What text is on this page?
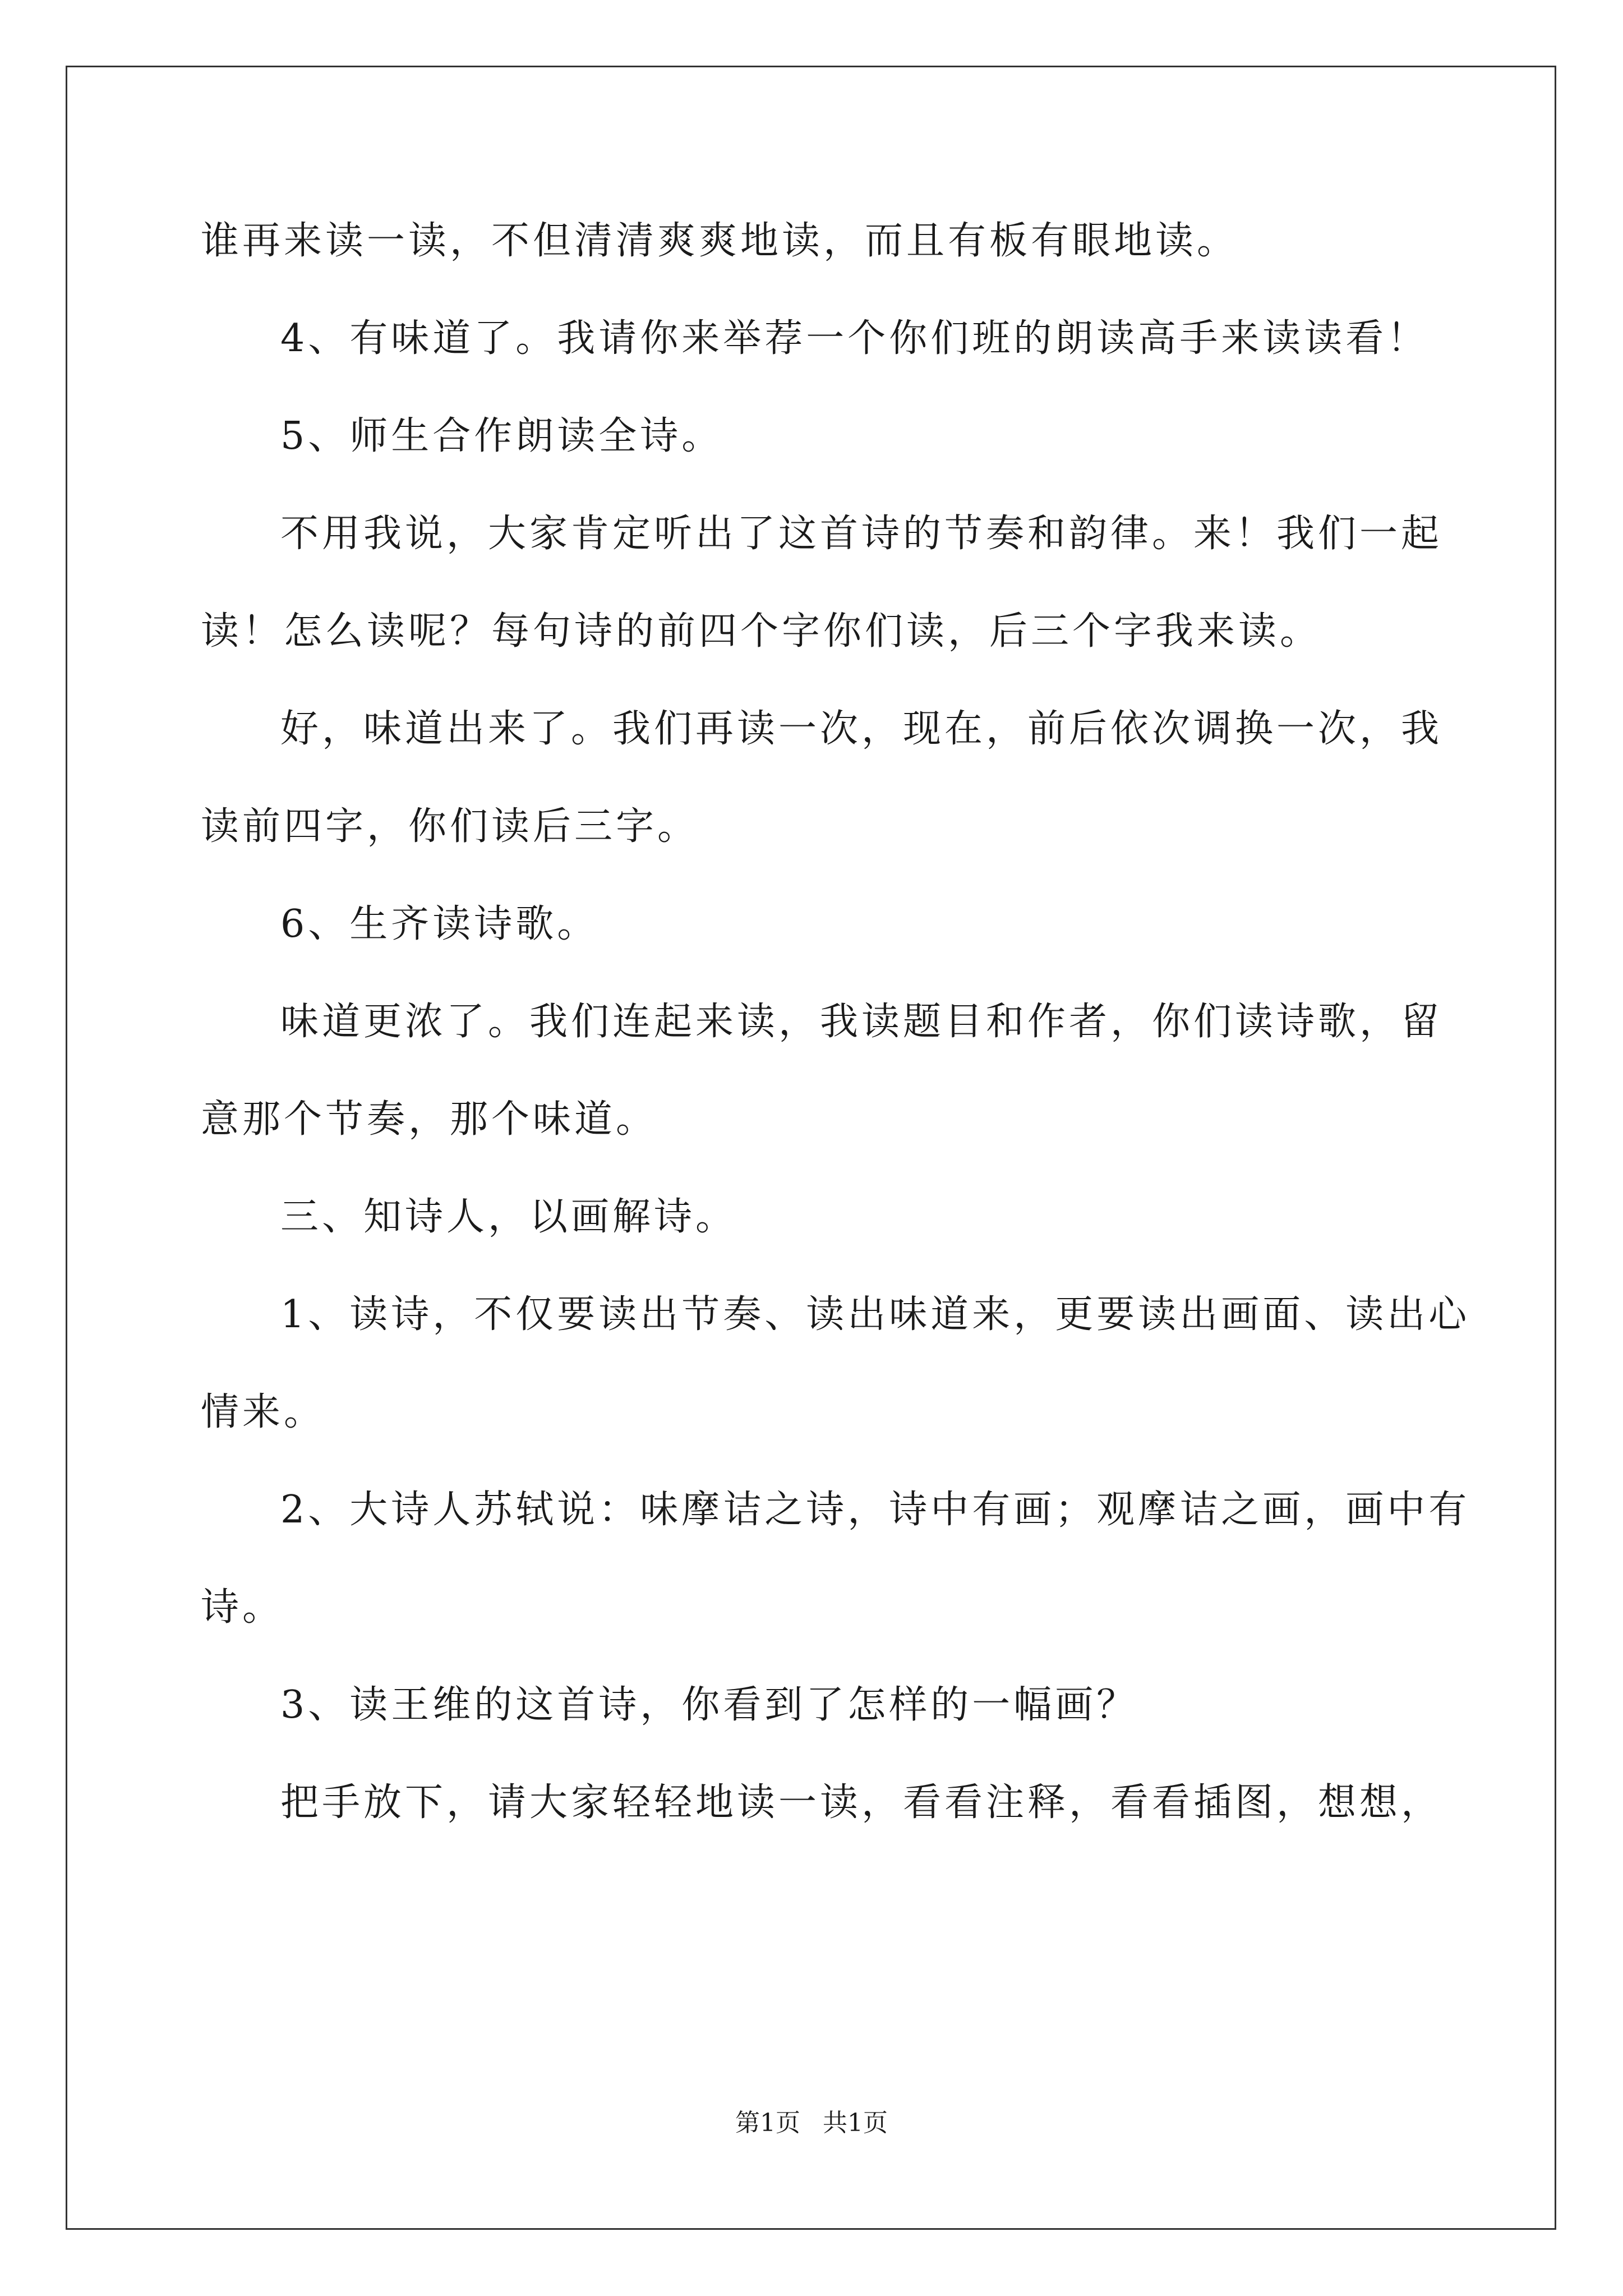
谁再来读一读，不但清清爽爽地读，而且有板有眼地读。
4、有味道了。我请你来举荐一个你们班的朗读高手来读读看！
5、师生合作朗读全诗。
不用我说，大家肯定听出了这首诗的节奏和韵律。来！我们一起
读！怎么读呢？每句诗的前四个字你们读，后三个字我来读。
好，味道出来了。我们再读一次，现在，前后依次调换一次，我
读前四字，你们读后三字。
6、生齐读诗歌。
味道更浓了。我们连起来读，我读题目和作者，你们读诗歌，留
意那个节奏，那个味道。
三、知诗人，以画解诗。
1、读诗，不仅要读出节奏、读出味道来，更要读出画面、读出心
情来。
2、大诗人苏轼说：味摩诘之诗，诗中有画；观摩诘之画，画中有
诗。
3、读王维的这首诗，你看到了怎样的一幅画？
把手放下，请大家轻轻地读一读，看看注释，看看插图，想想，
第1页 共1页
